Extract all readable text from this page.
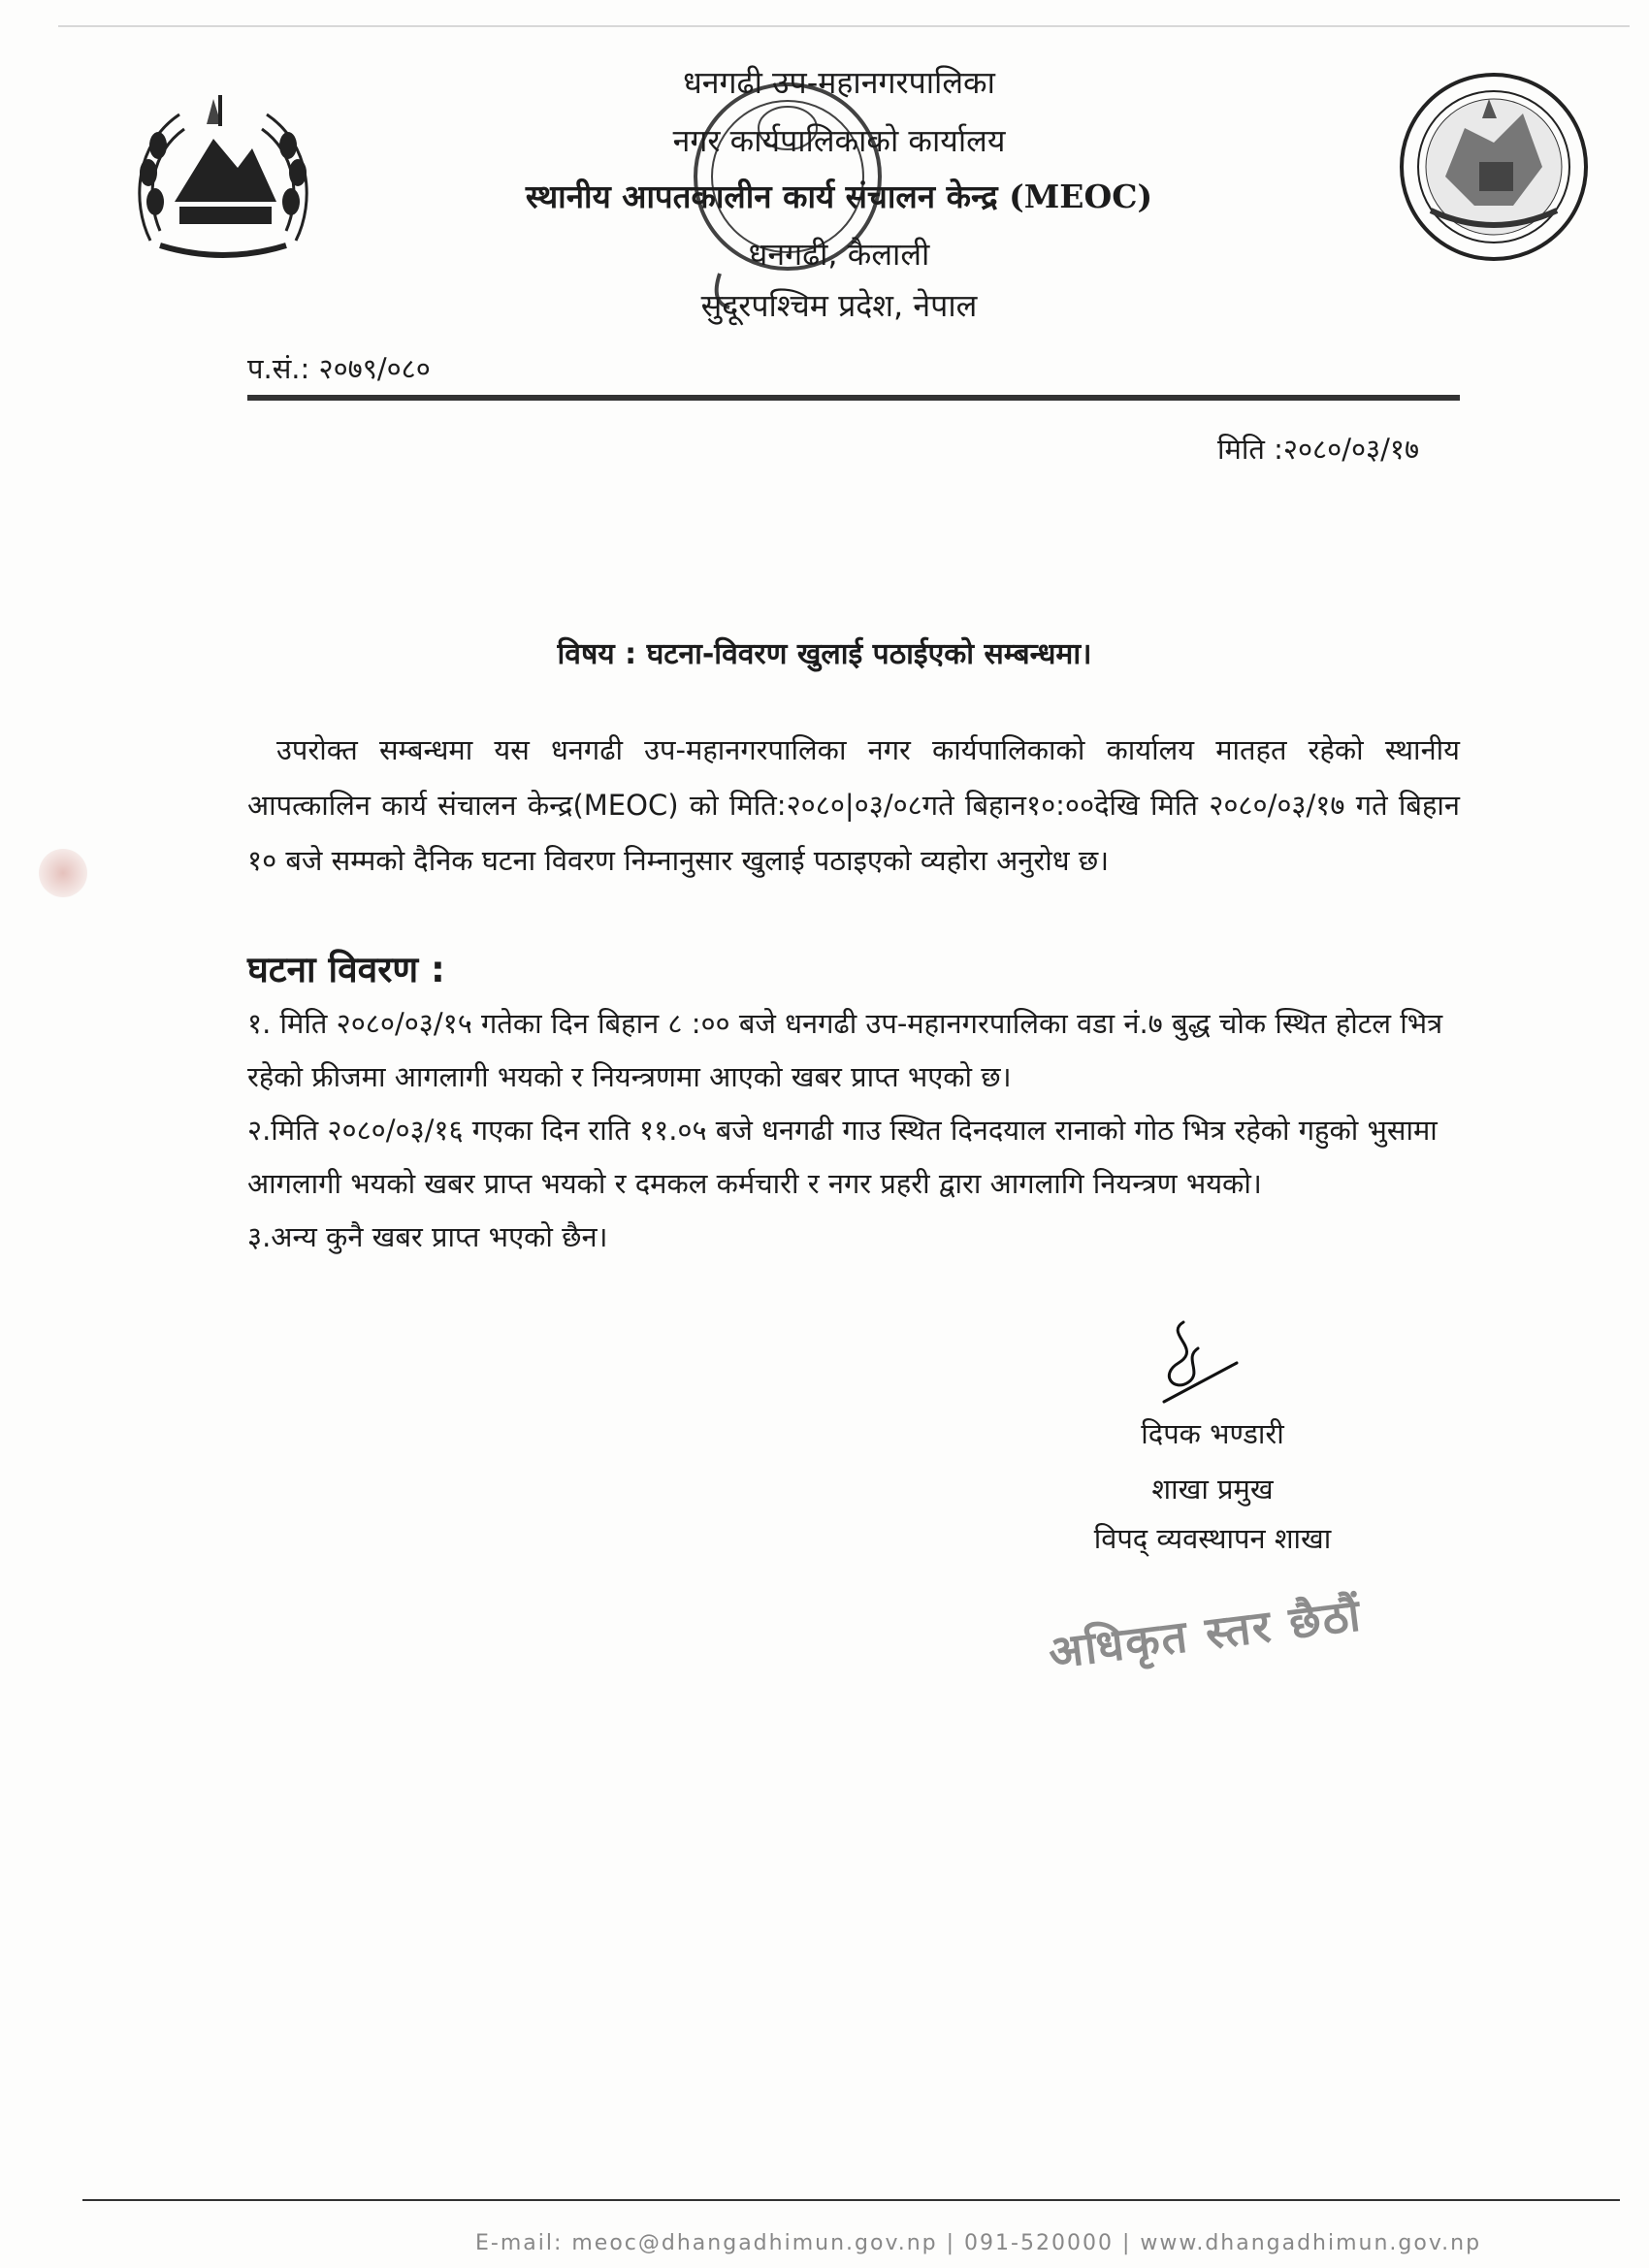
धनगढी उप-महानगरपालिका
नगर कार्यपालिकाको कार्यालय
स्थानीय आपतकालीन कार्य संचालन केन्द्र (MEOC)
धनगढी, कैलाली
सुदूरपश्चिम प्रदेश, नेपाल
प.सं.: २०७९/०८०
मिति :२०८०/०३/१७
विषय : घटना-विवरण खुलाई पठाईएको सम्बन्धमा।
उपरोक्त सम्बन्धमा यस धनगढी उप-महानगरपालिका नगर कार्यपालिकाको कार्यालय मातहत रहेको स्थानीय आपत्कालिन कार्य संचालन केन्द्र(MEOC) को मिति:२०८०|०३/०८गते बिहान१०:००देखि मिति २०८०/०३/१७ गते बिहान १० बजे सम्मको दैनिक घटना विवरण निम्नानुसार खुलाई पठाइएको व्यहोरा अनुरोध छ।
घटना विवरण :

१. मिति २०८०/०३/१५ गतेका दिन बिहान ८ :०० बजे धनगढी उप-महानगरपालिका वडा नं.७ बुद्ध चोक स्थित होटल भित्र रहेको फ्रीजमा आगलागी भयको र नियन्त्रणमा आएको खबर प्राप्त भएको छ।

२.मिति २०८०/०३/१६ गएका दिन राति ११.०५ बजे धनगढी गाउ स्थित दिनदयाल रानाको गोठ भित्र रहेको गहुको भुसामा आगलागी भयको खबर प्राप्त भयको र दमकल कर्मचारी र नगर प्रहरी द्वारा आगलागि नियन्त्रण भयको।

३.अन्य कुनै खबर प्राप्त भएको छैन।

दिपक भण्डारी
शाखा प्रमुख
विपद् व्यवस्थापन शाखा
अधिकृत स्तर छैठौं
E-mail: meoc@dhangadhimun.gov.np | 091-520000 | www.dhangadhimun.gov.np
